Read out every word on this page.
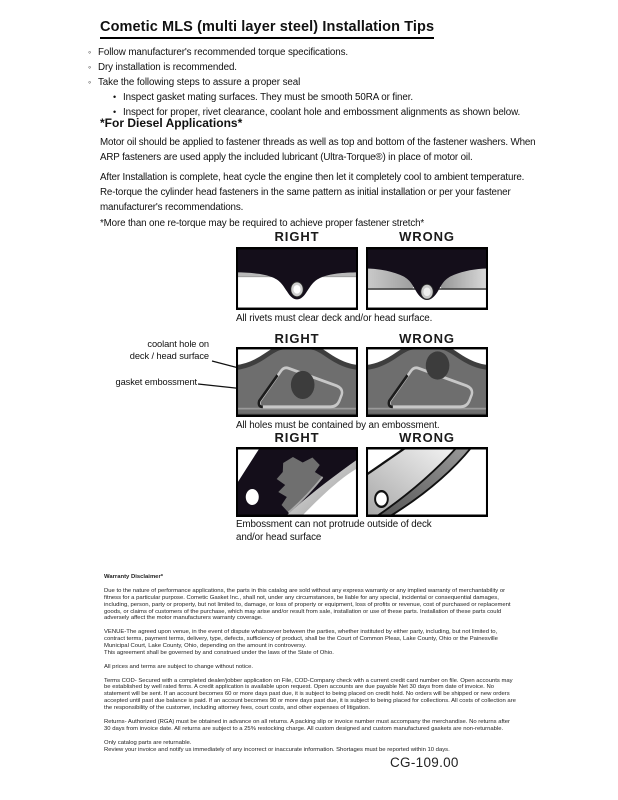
Cometic MLS (multi layer steel) Installation Tips
◦ Follow manufacturer's recommended torque specifications.
◦ Dry installation is recommended.
◦ Take the following steps to assure a proper seal
• Inspect gasket mating surfaces. They must be smooth 50RA or finer.
• Inspect for proper, rivet clearance, coolant hole and embossment alignments as shown below.
*For Diesel Applications*

Motor oil should be applied to fastener threads as well as top and bottom of the fastener washers. When ARP fasteners are used apply the included lubricant (Ultra-Torque®) in place of motor oil.

After Installation is complete, heat cycle the engine then let it completely cool to ambient temperature. Re-torque the cylinder head fasteners in the same pattern as initial installation or per your fastener manufacturer's recommendations.

*More than one re-torque may be required to achieve proper fastener stretch*

RIGHT	WRONG
All rivets must clear deck and/or head surface.
coolant hole on
deck / head surface
gasket embossment
RIGHT	WRONG
All holes must be contained by an embossment.
RIGHT	WRONG
Embossment can not protrude outside of deck and/or head surface
Warranty Disclaimer*

Due to the nature of performance applications, the parts in this catalog are sold without any express warranty or any implied warranty of merchantability or fitness for a particular purpose. Cometic Gasket Inc., shall not, under any circumstances, be liable for any special, incidental or consequential damages, including, person, party or property, but not limited to, damage, or loss of property or equipment, loss of profits or revenue, cost of purchased or replacement goods, or claims of customers of the purchase, which may arise and/or result from sale, installation or use of these parts. Installation of these parts could adversely affect the motor manufacturers warranty coverage.

VENUE-The agreed upon venue, in the event of dispute whatsoever between the parties, whether instituted by either party, including, but not limited to, contract terms, payment terms, delivery, type, defects, sufficiency of product, shall be the Court of Common Pleas, Lake County, Ohio or the Painesville Municipal Court, Lake County, Ohio, depending on the amount in controversy.

This agreement shall be governed by and construed under the laws of the State of Ohio.

All prices and terms are subject to change without notice.

Terms COD- Secured with a completed dealer/jobber application on File, COD-Company check with a current credit card number on file. Open accounts may be established by well rated firms. A credit application is available upon request. Open accounts are due payable Net 30 days from date of invoice. No statement will be sent. If an account becomes 60 or more days past due, it is subject to being placed on credit hold. No orders will be shipped or new orders accepted until past due balance is paid. If an account becomes 90 or more days past due, it is subject to being placed for collections. All costs of collection are the responsibility of the customer, including attorney fees, court costs, and other expenses of litigation.

Returns- Authorized (RGA) must be obtained in advance on all returns. A packing slip or invoice number must accompany the merchandise. No returns after 30 days from invoice date. All returns are subject to a 25% restocking charge. All custom designed and custom manufactured gaskets are non-returnable.

Only catalog parts are returnable.

Review your invoice and notify us immediately of any incorrect or inaccurate information. Shortages must be reported within 10 days.

CG-109.00
